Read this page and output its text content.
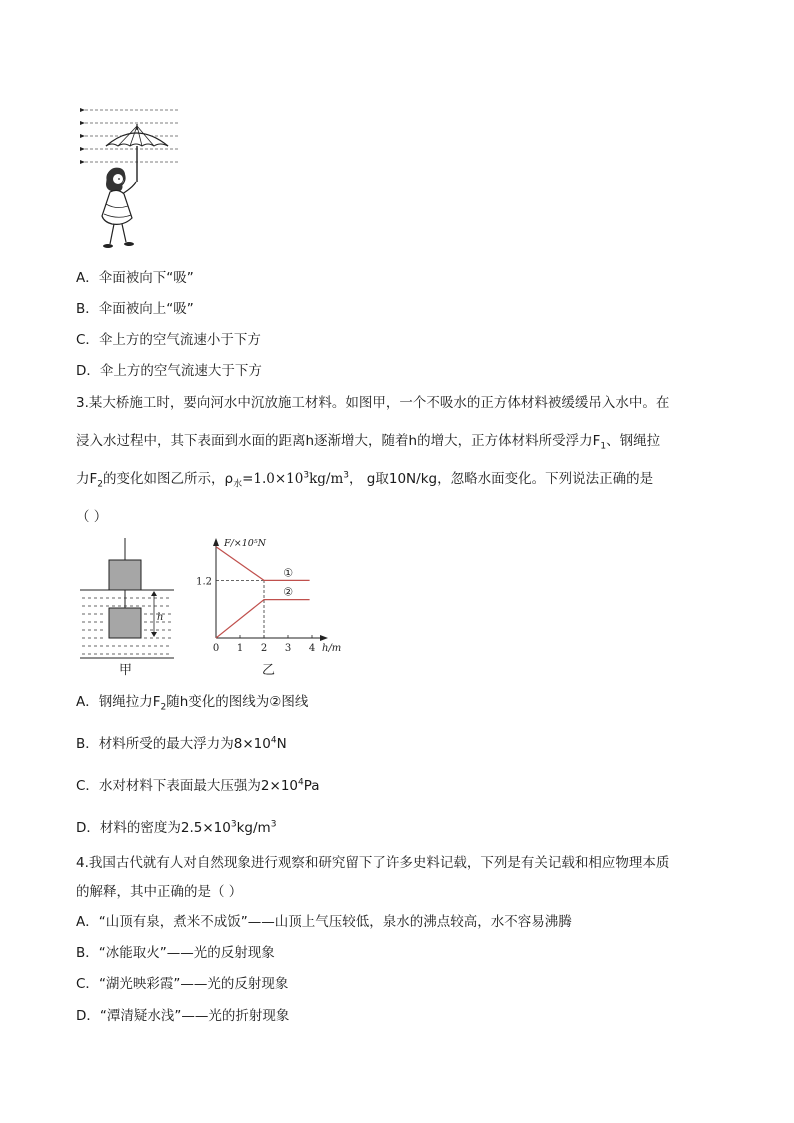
A．伞面被向下“吸”
B．伞面被向上“吸”
C．伞上方的空气流速小于下方
D．伞上方的空气流速大于下方
3.某大桥施工时，要向河水中沉放施工材料。如图甲，一个不吸水的正方体材料被缓缓吊入水中。在
浸入水过程中，其下表面到水面的距离h逐渐增大，随着h的增大，正方体材料所受浮力$F_1$、钢绳拉
力$F_2$的变化如图乙所示，$\rho_水=1.0\times 10^3kg/m^3$， g取10N/kg，忽略水面变化。下列说法正确的是
（ ）
h
甲
0 1 2 3 4 h/m
F/×10⁵N
1.2
①
②
乙
A．钢绳拉力$F_2$随h变化的图线为②图线
B．材料所受的最大浮力为$8\times 10^4N$
C．水对材料下表面最大压强为$2\times 10^4Pa$
D．材料的密度为$2.5\times 10^3kg/m^3$
4.我国古代就有人对自然现象进行观察和研究留下了许多史料记载，下列是有关记载和相应物理本质
的解释，其中正确的是（ ）
A．“山顶有泉，煮米不成饭”——山顶上气压较低，泉水的沸点较高，水不容易沸腾
B．“冰能取火”——光的反射现象
C．“湖光映彩霞”——光的反射现象
D．“潭清疑水浅”——光的折射现象
